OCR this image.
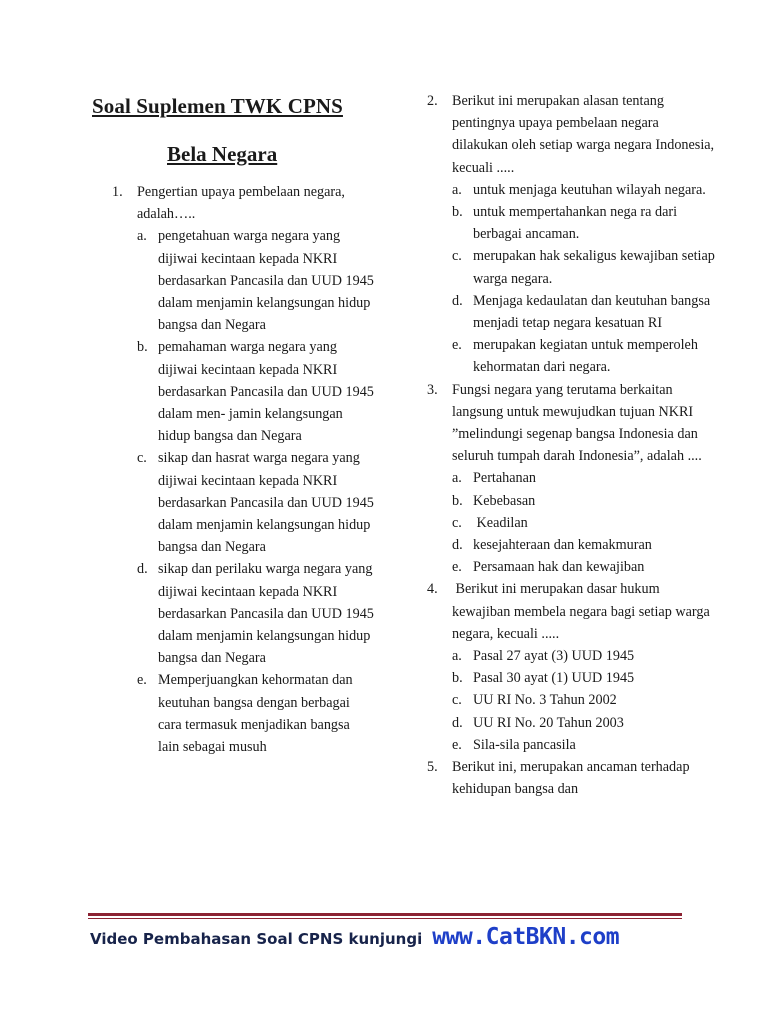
Soal Suplemen TWK CPNS
Bela Negara
1. Pengertian upaya pembelaan negara, adalah…..
a. pengetahuan warga negara yang dijiwai kecintaan kepada NKRI berdasarkan Pancasila dan UUD 1945 dalam menjamin kelangsungan hidup bangsa dan Negara
b. pemahaman warga negara yang dijiwai kecintaan kepada NKRI berdasarkan Pancasila dan UUD 1945 dalam men- jamin kelangsungan hidup bangsa dan Negara
c. sikap dan hasrat warga negara yang dijiwai kecintaan kepada NKRI berdasarkan Pancasila dan UUD 1945 dalam menjamin kelangsungan hidup bangsa dan Negara
d. sikap dan perilaku warga negara yang dijiwai kecintaan kepada NKRI berdasarkan Pancasila dan UUD 1945 dalam menjamin kelangsungan hidup bangsa dan Negara
e. Memperjuangkan kehormatan dan keutuhan bangsa dengan berbagai cara termasuk menjadikan bangsa lain sebagai musuh
2. Berikut ini merupakan alasan tentang pentingnya upaya pembelaan negara dilakukan oleh setiap warga negara Indonesia, kecuali .....
a. untuk menjaga keutuhan wilayah negara.
b. untuk mempertahankan nega ra dari berbagai ancaman.
c. merupakan hak sekaligus kewajiban setiap warga negara.
d. Menjaga kedaulatan dan keutuhan bangsa menjadi tetap negara kesatuan RI
e. merupakan kegiatan untuk memperoleh kehormatan dari negara.
3. Fungsi negara yang terutama berkaitan langsung untuk mewujudkan tujuan NKRI ”melindungi segenap bangsa Indonesia dan seluruh tumpah darah Indonesia”, adalah ....
a. Pertahanan
b. Kebebasan
c. Keadilan
d. kesejahteraan dan kemakmuran
e. Persamaan hak dan kewajiban
4. Berikut ini merupakan dasar hukum kewajiban membela negara bagi setiap warga negara, kecuali .....
a. Pasal 27 ayat (3) UUD 1945
b. Pasal 30 ayat (1) UUD 1945
c. UU RI No. 3 Tahun 2002
d. UU RI No. 20 Tahun 2003
e. Sila-sila pancasila
5. Berikut ini, merupakan ancaman terhadap kehidupan bangsa dan
Video Pembahasan Soal CPNS kunjungi www.CatBKN.com
